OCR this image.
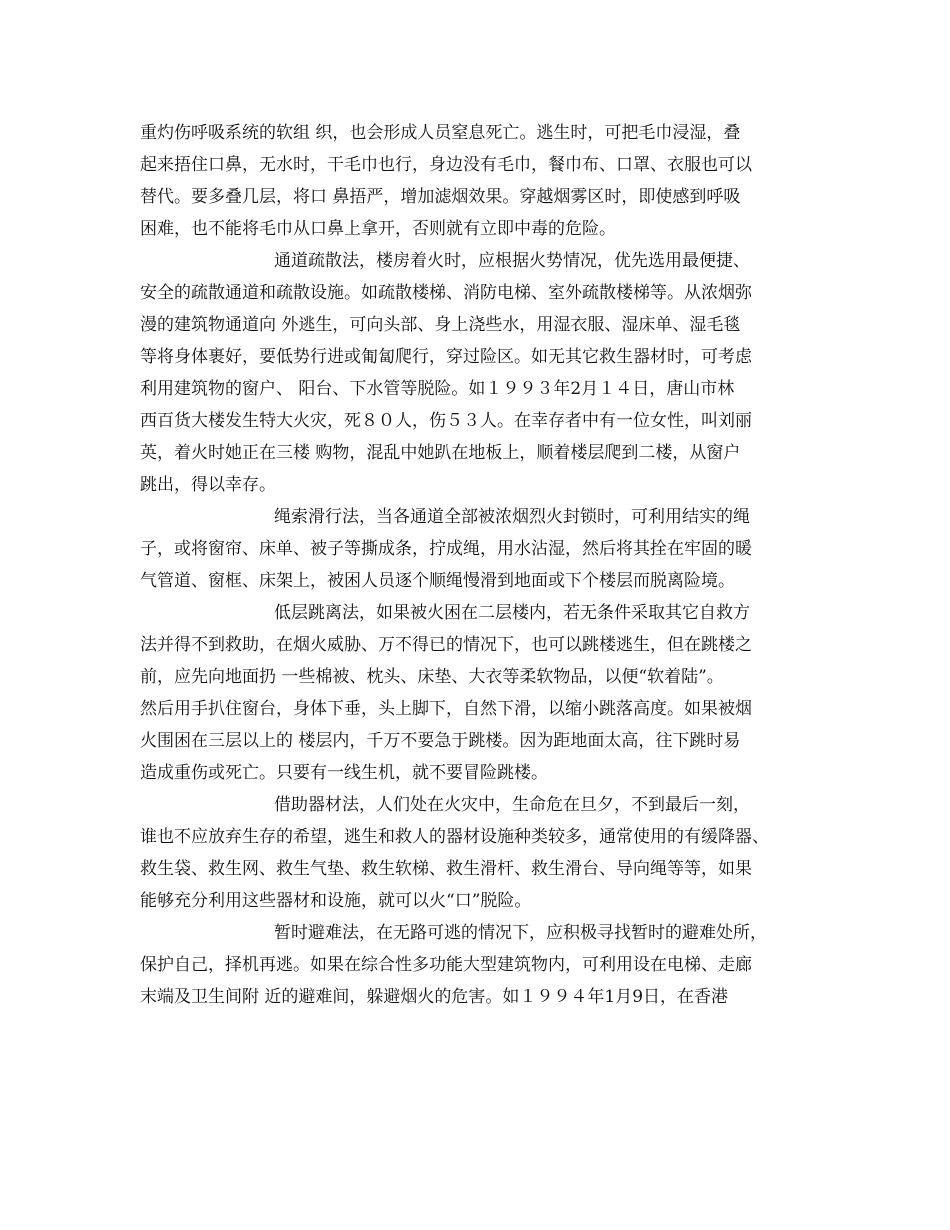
重灼伤呼吸系统的软组 织，也会形成人员窒息死亡。逃生时，可把毛巾浸湿，叠
起来捂住口鼻，无水时，干毛巾也行，身边没有毛巾，餐巾布、口罩、衣服也可以
替代。要多叠几层，将口 鼻捂严，增加滤烟效果。穿越烟雾区时，即使感到呼吸
困难，也不能将毛巾从口鼻上拿开，否则就有立即中毒的危险。
通道疏散法，楼房着火时，应根据火势情况，优先选用最便捷、
安全的疏散通道和疏散设施。如疏散楼梯、消防电梯、室外疏散楼梯等。从浓烟弥
漫的建筑物通道向 外逃生，可向头部、身上浇些水，用湿衣服、湿床单、湿毛毯
等将身体裹好，要低势行进或匍匐爬行，穿过险区。如无其它救生器材时，可考虑
利用建筑物的窗户、 阳台、下水管等脱险。如１９９３年2月１４日，唐山市林
西百货大楼发生特大火灾，死８０人，伤５３人。在幸存者中有一位女性，叫刘丽
英，着火时她正在三楼 购物，混乱中她趴在地板上，顺着楼层爬到二楼，从窗户
跳出，得以幸存。
绳索滑行法，当各通道全部被浓烟烈火封锁时，可利用结实的绳
子，或将窗帘、床单、被子等撕成条，拧成绳，用水沾湿，然后将其拴在牢固的暖
气管道、窗框、床架上，被困人员逐个顺绳慢滑到地面或下个楼层而脱离险境。
低层跳离法，如果被火困在二层楼内，若无条件采取其它自救方
法并得不到救助，在烟火威胁、万不得已的情况下，也可以跳楼逃生，但在跳楼之
前，应先向地面扔 一些棉被、枕头、床垫、大衣等柔软物品，以便“软着陆”。
然后用手扒住窗台，身体下垂，头上脚下，自然下滑，以缩小跳落高度。如果被烟
火围困在三层以上的 楼层内，千万不要急于跳楼。因为距地面太高，往下跳时易
造成重伤或死亡。只要有一线生机，就不要冒险跳楼。
借助器材法，人们处在火灾中，生命危在旦夕，不到最后一刻，
谁也不应放弃生存的希望，逃生和救人的器材设施种类较多，通常使用的有缓降器、
救生袋、救生网、救生气垫、救生软梯、救生滑杆、救生滑台、导向绳等等，如果
能够充分利用这些器材和设施，就可以火“口”脱险。
暂时避难法，在无路可逃的情况下，应积极寻找暂时的避难处所，
保护自己，择机再逃。如果在综合性多功能大型建筑物内，可利用设在电梯、走廊
末端及卫生间附 近的避难间，躲避烟火的危害。如１９９４年1月9日，在香港
